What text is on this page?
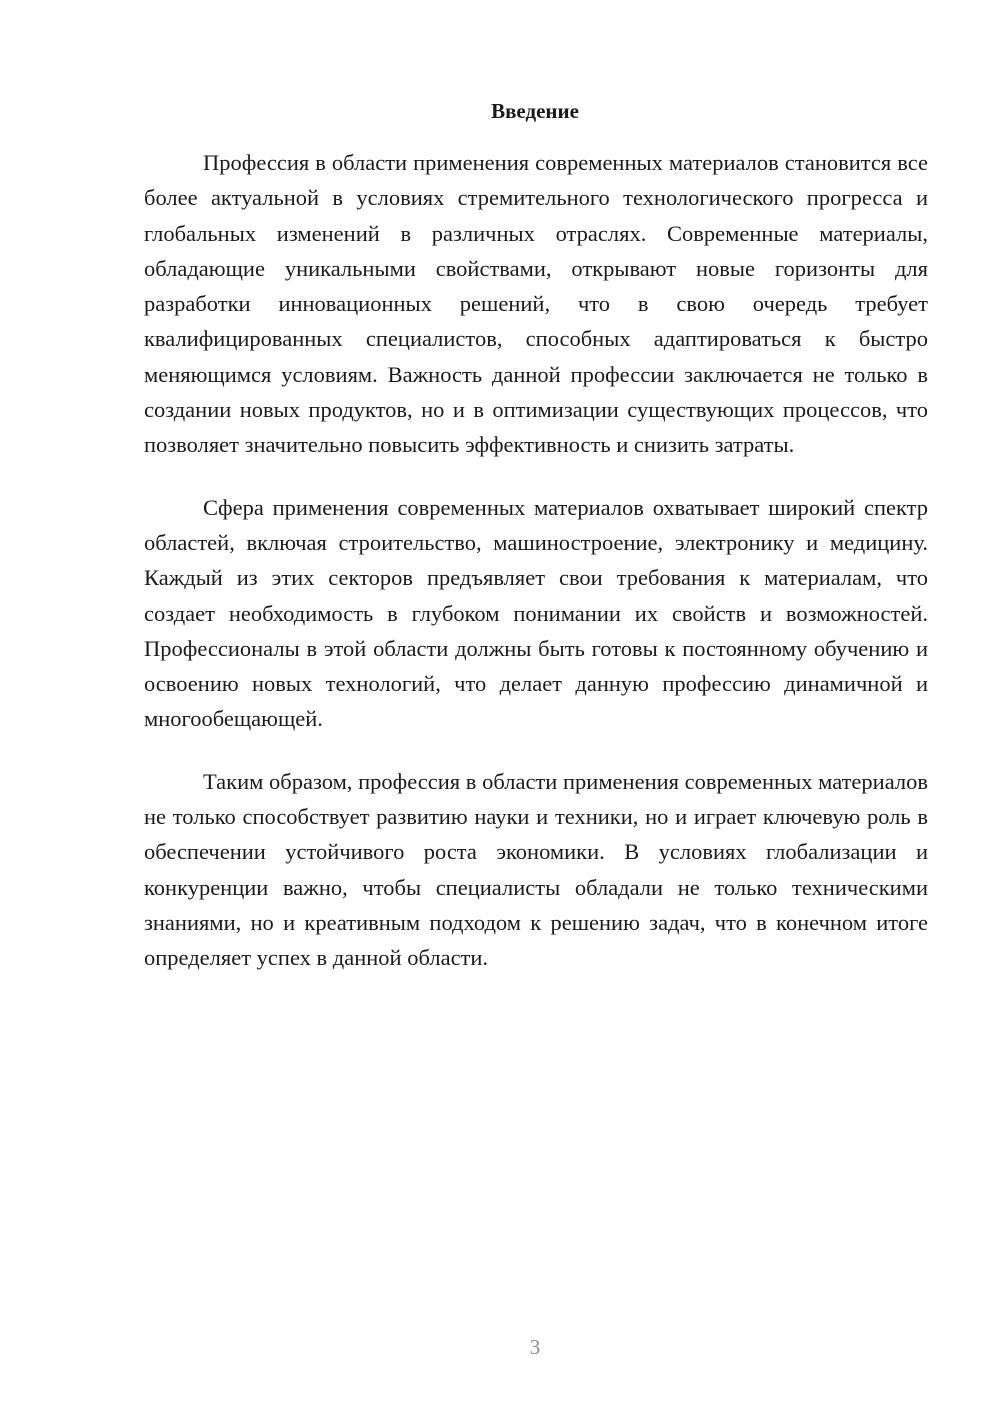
Введение

Профессия в области применения современных материалов становится все более актуальной в условиях стремительного технологического прогресса и глобальных изменений в различных отраслях. Современные материалы, обладающие уникальными свойствами, открывают новые горизонты для разработки инновационных решений, что в свою очередь требует квалифицированных специалистов, способных адаптироваться к быстро меняющимся условиям. Важность данной профессии заключается не только в создании новых продуктов, но и в оптимизации существующих процессов, что позволяет значительно повысить эффективность и снизить затраты.

Сфера применения современных материалов охватывает широкий спектр областей, включая строительство, машиностроение, электронику и медицину. Каждый из этих секторов предъявляет свои требования к материалам, что создает необходимость в глубоком понимании их свойств и возможностей. Профессионалы в этой области должны быть готовы к постоянному обучению и освоению новых технологий, что делает данную профессию динамичной и многообещающей.

Таким образом, профессия в области применения современных материалов не только способствует развитию науки и техники, но и играет ключевую роль в обеспечении устойчивого роста экономики. В условиях глобализации и конкуренции важно, чтобы специалисты обладали не только техническими знаниями, но и креативным подходом к решению задач, что в конечном итоге определяет успех в данной области.

3
